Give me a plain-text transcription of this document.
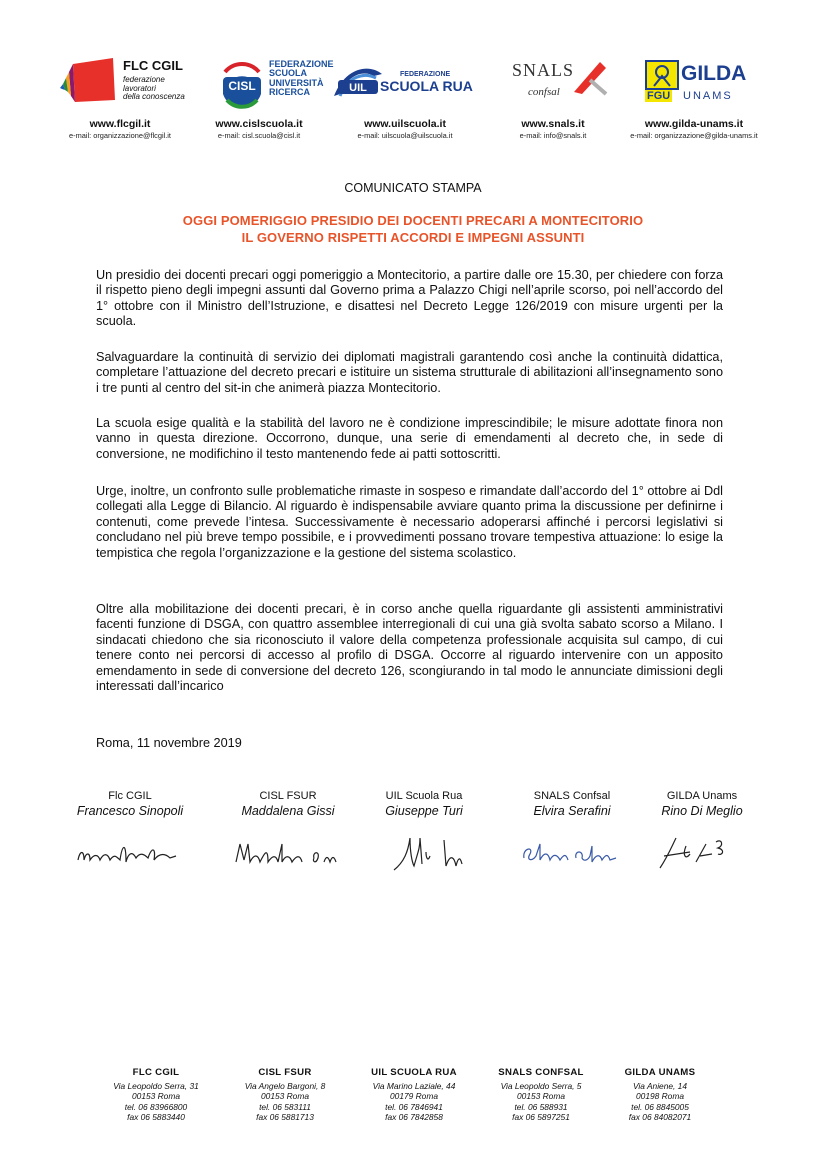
FLC CGIL
federazione
lavoratori
della conoscenza
www.flcgil.it
e-mail: organizzazione@flcgil.it
CISL
FEDERAZIONE
SCUOLA
UNIVERSITÀ
RICERCA
www.cislscuola.it
e-mail: cisl.scuola@cisl.it
UIL SCUOLA RUA
FEDERAZIONE
www.uilscuola.it
e-mail: uilscuola@uilscuola.it
SNALS
confsal
www.snals.it
e-mail: info@snals.it
FGU
GILDA
UNAMS
www.gilda-unams.it
e-mail: organizzazione@gilda-unams.it
COMUNICATO STAMPA
OGGI POMERIGGIO PRESIDIO DEI DOCENTI PRECARI A MONTECITORIO
IL GOVERNO RISPETTI ACCORDI E IMPEGNI ASSUNTI
Un presidio dei docenti precari oggi pomeriggio a Montecitorio, a partire dalle ore 15.30, per chiedere con forza il rispetto pieno degli impegni assunti dal Governo prima a Palazzo Chigi nell’aprile scorso, poi nell’accordo del 1° ottobre con il Ministro dell’Istruzione, e disattesi nel Decreto Legge 126/2019 con misure urgenti per la scuola.
Salvaguardare la continuità di servizio dei diplomati magistrali garantendo così anche la continuità didattica, completare l’attuazione del decreto precari e istituire un sistema strutturale di abilitazioni all’insegnamento sono i tre punti al centro del sit-in che animerà piazza Montecitorio.
La scuola esige qualità e la stabilità del lavoro ne è condizione imprescindibile; le misure adottate finora non vanno in questa direzione. Occorrono, dunque, una serie di emendamenti al decreto che, in sede di conversione, ne modifichino il testo mantenendo fede ai patti sottoscritti.
Urge, inoltre, un confronto sulle problematiche rimaste in sospeso e rimandate dall’accordo del 1° ottobre ai Ddl collegati alla Legge di Bilancio. Al riguardo è indispensabile avviare quanto prima la discussione per definirne i contenuti, come prevede l’intesa. Successivamente è necessario adoperarsi affinché i percorsi legislativi si concludano nel più breve tempo possibile, e i provvedimenti possano trovare tempestiva attuazione: lo esige la tempistica che regola l’organizzazione e la gestione del sistema scolastico.
Oltre alla mobilitazione dei docenti precari, è in corso anche quella riguardante gli assistenti amministrativi facenti funzione di DSGA, con quattro assemblee interregionali di cui una già svolta sabato scorso a Milano. I sindacati chiedono che sia riconosciuto il valore della competenza professionale acquisita sul campo, di cui tenere conto nei percorsi di accesso al profilo di DSGA. Occorre al riguardo intervenire con un apposito emendamento in sede di conversione del decreto 126, scongiurando in tal modo le annunciate dimissioni degli interessati dall’incarico
Roma, 11 novembre 2019
Flc CGIL
Francesco Sinopoli
CISL FSUR
Maddalena Gissi
UIL Scuola Rua
Giuseppe Turi
SNALS Confsal
Elvira Serafini
GILDA Unams
Rino Di Meglio
FLC CGIL
Via Leopoldo Serra, 31
00153 Roma
tel. 06 83966800
fax 06 5883440
CISL FSUR
Via Angelo Bargoni, 8
00153 Roma
tel. 06 583111
fax 06 5881713
UIL SCUOLA RUA
Via Marino Laziale, 44
00179 Roma
tel. 06 7846941
fax 06 7842858
SNALS CONFSAL
Via Leopoldo Serra, 5
00153 Roma
tel. 06 588931
fax 06 5897251
GILDA UNAMS
Via Aniene, 14
00198 Roma
tel. 06 8845005
fax 06 84082071
